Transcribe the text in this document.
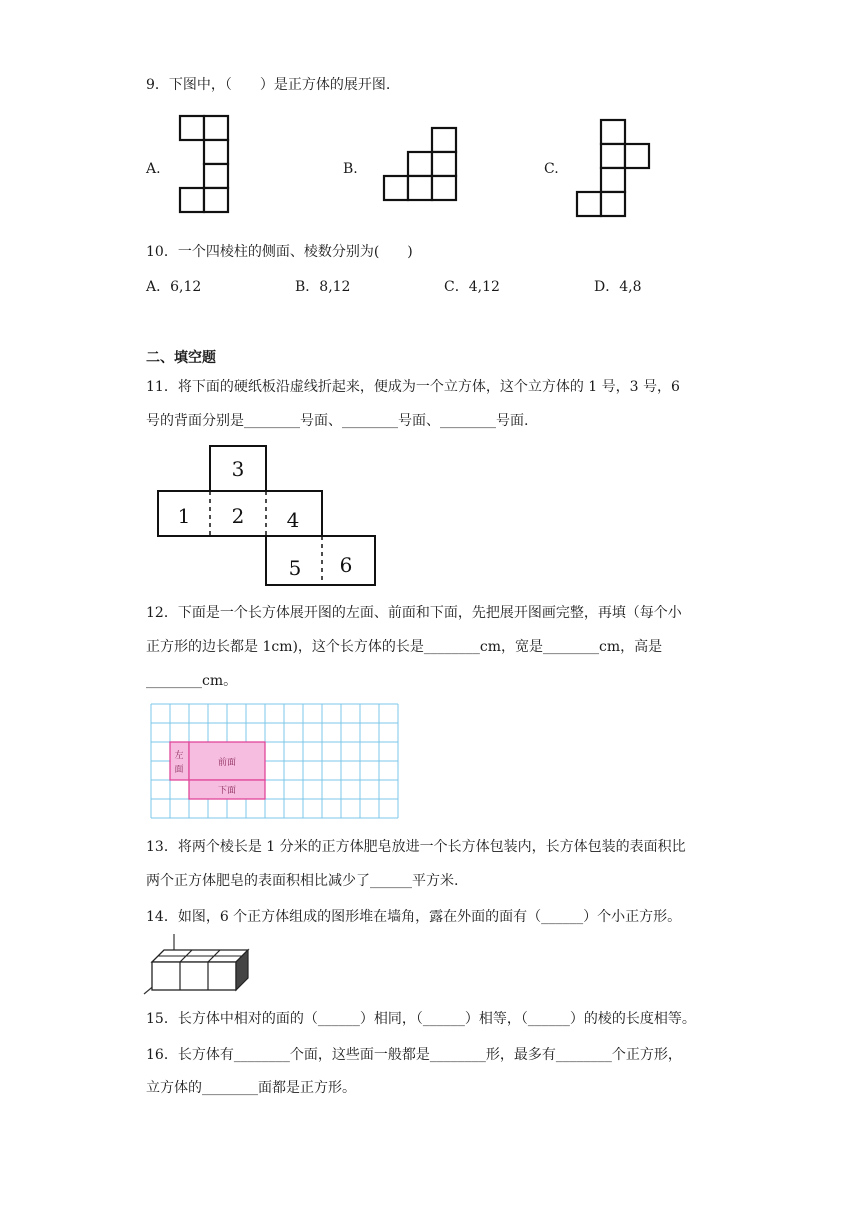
9．下图中，（　　）是正方体的展开图.
A.	B.	C.
10．一个四棱柱的侧面、棱数分别为(　　)
A．6,12	B．8,12	C．4,12	D．4,8
二、填空题
11．将下面的硬纸板沿虚线折起来，便成为一个立方体，这个立方体的 1 号，3 号，6
号的背面分别是________号面、________号面、________号面.
3
1 2 4
5 6
12．下面是一个长方体展开图的左面、前面和下面，先把展开图画完整，再填（每个小
正方形的边长都是 1cm)，这个长方体的长是________cm，宽是________cm，高是
________cm。
左
面
前面
下面
13．将两个棱长是 1 分米的正方体肥皂放进一个长方体包装内，长方体包装的表面积比
两个正方体肥皂的表面积相比减少了______平方米.
14．如图，6 个正方体组成的图形堆在墙角，露在外面的面有（______）个小正方形。
15．长方体中相对的面的（______）相同，（______）相等，（______）的棱的长度相等。
16．长方体有________个面，这些面一般都是________形，最多有________个正方形，
立方体的________面都是正方形。
